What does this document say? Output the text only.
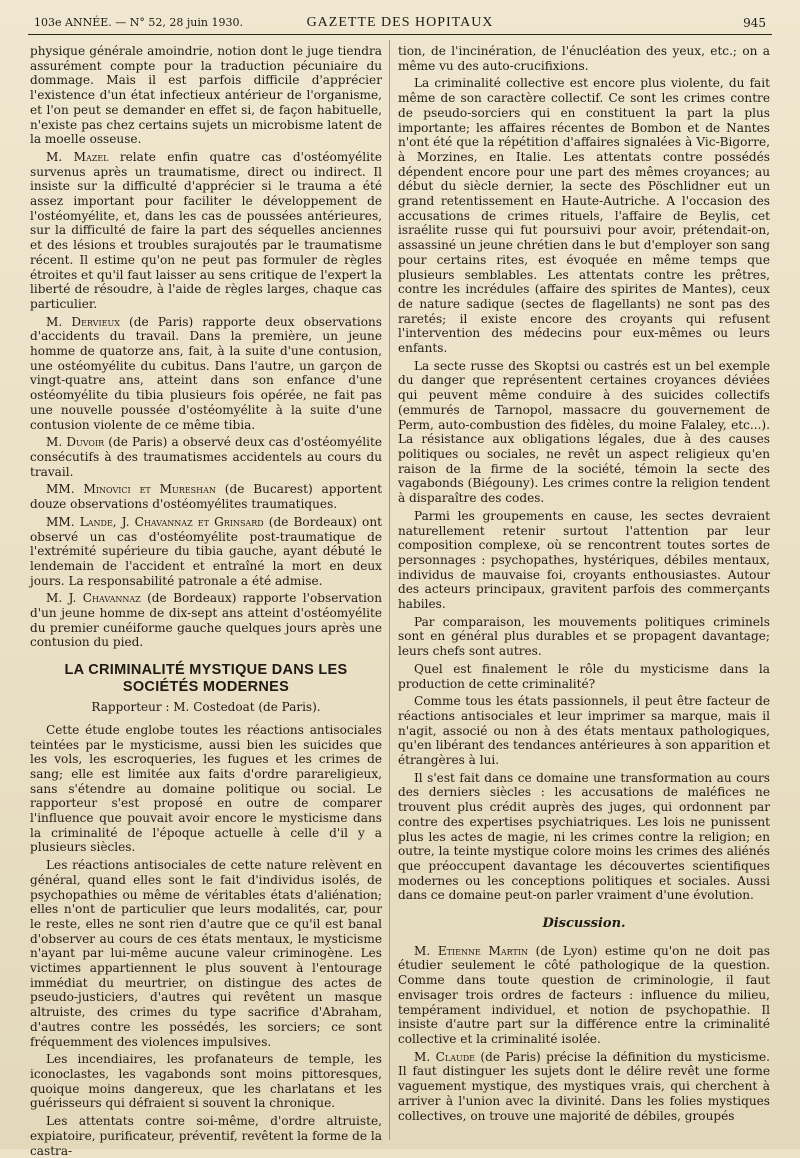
103e ANNÉE. — N° 52, 28 juin 1930.	GAZETTE DES HOPITAUX	945

physique générale amoindrie, notion dont le juge tiendra assurément compte pour la traduction pécuniaire du dommage. Mais il est parfois difficile d'apprécier l'existence d'un état infectieux antérieur de l'organisme, et l'on peut se demander en effet si, de façon habituelle, n'existe pas chez certains sujets un microbisme latent de la moelle osseuse.

M. Mazel relate enfin quatre cas d'ostéomyélite survenus après un traumatisme, direct ou indirect. Il insiste sur la difficulté d'apprécier si le trauma a été assez important pour faciliter le développement de l'ostéomyélite, et, dans les cas de poussées antérieures, sur la difficulté de faire la part des séquelles anciennes et des lésions et troubles surajoutés par le traumatisme récent. Il estime qu'on ne peut pas formuler de règles étroites et qu'il faut laisser au sens critique de l'expert la liberté de résoudre, à l'aide de règles larges, chaque cas particulier.

M. Dervieux (de Paris) rapporte deux observations d'accidents du travail. Dans la première, un jeune homme de quatorze ans, fait, à la suite d'une contusion, une ostéomyélite du cubitus. Dans l'autre, un garçon de vingt-quatre ans, atteint dans son enfance d'une ostéomyélite du tibia plusieurs fois opérée, ne fait pas une nouvelle poussée d'ostéomyélite à la suite d'une contusion violente de ce même tibia.

M. Duvoir (de Paris) a observé deux cas d'ostéomyélite consécutifs à des traumatismes accidentels au cours du travail.

MM. Minovici et Mureshan (de Bucarest) apportent douze observations d'ostéomyélites traumatiques.

MM. Lande, J. Chavannaz et Grinsard (de Bordeaux) ont observé un cas d'ostéomyélite post-traumatique de l'extrémité supérieure du tibia gauche, ayant débuté le lendemain de l'accident et entraîné la mort en deux jours. La responsabilité patronale a été admise.

M. J. Chavannaz (de Bordeaux) rapporte l'observation d'un jeune homme de dix-sept ans atteint d'ostéomyélite du premier cunéiforme gauche quelques jours après une contusion du pied.

LA CRIMINALITÉ MYSTIQUE DANS LES SOCIÉTÉS MODERNES
Rapporteur : M. Costedoat (de Paris).

Cette étude englobe toutes les réactions antisociales teintées par le mysticisme, aussi bien les suicides que les vols, les escroqueries, les fugues et les crimes de sang; elle est limitée aux faits d'ordre parareligieux, sans s'étendre au domaine politique ou social. Le rapporteur s'est proposé en outre de comparer l'influence que pouvait avoir encore le mysticisme dans la criminalité de l'époque actuelle à celle d'il y a plusieurs siècles.

Les réactions antisociales de cette nature relèvent en général, quand elles sont le fait d'individus isolés, de psychopathies ou même de véritables états d'aliénation; elles n'ont de particulier que leurs modalités, car, pour le reste, elles ne sont rien d'autre que ce qu'il est banal d'observer au cours de ces états mentaux, le mysticisme n'ayant par lui-même aucune valeur criminogène. Les victimes appartiennent le plus souvent à l'entourage immédiat du meurtrier, on distingue des actes de pseudo-justiciers, d'autres qui revêtent un masque altruiste, des crimes du type sacrifice d'Abraham, d'autres contre les possédés, les sorciers; ce sont fréquemment des violences impulsives.

Les incendiaires, les profanateurs de temple, les iconoclastes, les vagabonds sont moins pittoresques, quoique moins dangereux, que les charlatans et les guérisseurs qui défraient si souvent la chronique.

Les attentats contre soi-même, d'ordre altruiste, expiatoire, purificateur, préventif, revêtent la forme de la castra-

tion, de l'incinération, de l'énucléation des yeux, etc.; on a même vu des auto-crucifixions.

La criminalité collective est encore plus violente, du fait même de son caractère collectif. Ce sont les crimes contre de pseudo-sorciers qui en constituent la part la plus importante; les affaires récentes de Bombon et de Nantes n'ont été que la répétition d'affaires signalées à Vic-Bigorre, à Morzines, en Italie. Les attentats contre possédés dépendent encore pour une part des mêmes croyances; au début du siècle dernier, la secte des Pöschlidner eut un grand retentissement en Haute-Autriche. A l'occasion des accusations de crimes rituels, l'affaire de Beylis, cet israélite russe qui fut poursuivi pour avoir, prétendait-on, assassiné un jeune chrétien dans le but d'employer son sang pour certains rites, est évoquée en même temps que plusieurs semblables. Les attentats contre les prêtres, contre les incrédules (affaire des spirites de Mantes), ceux de nature sadique (sectes de flagellants) ne sont pas des raretés; il existe encore des croyants qui refusent l'intervention des médecins pour eux-mêmes ou leurs enfants.

La secte russe des Skoptsi ou castrés est un bel exemple du danger que représentent certaines croyances déviées qui peuvent même conduire à des suicides collectifs (emmurés de Tarnopol, massacre du gouvernement de Perm, auto-combustion des fidèles, du moine Falaley, etc...). La résistance aux obligations légales, due à des causes politiques ou sociales, ne revêt un aspect religieux qu'en raison de la firme de la société, témoin la secte des vagabonds (Biégouny). Les crimes contre la religion tendent à disparaître des codes.

Parmi les groupements en cause, les sectes devraient naturellement retenir surtout l'attention par leur composition complexe, où se rencontrent toutes sortes de personnages : psychopathes, hystériques, débiles mentaux, individus de mauvaise foi, croyants enthousiastes. Autour des acteurs principaux, gravitent parfois des commerçants habiles.

Par comparaison, les mouvements politiques criminels sont en général plus durables et se propagent davantage; leurs chefs sont autres.

Quel est finalement le rôle du mysticisme dans la production de cette criminalité?

Comme tous les états passionnels, il peut être facteur de réactions antisociales et leur imprimer sa marque, mais il n'agit, associé ou non à des états mentaux pathologiques, qu'en libérant des tendances antérieures à son apparition et étrangères à lui.

Il s'est fait dans ce domaine une transformation au cours des derniers siècles : les accusations de maléfices ne trouvent plus crédit auprès des juges, qui ordonnent par contre des expertises psychiatriques. Les lois ne punissent plus les actes de magie, ni les crimes contre la religion; en outre, la teinte mystique colore moins les crimes des aliénés que préoccupent davantage les découvertes scientifiques modernes ou les conceptions politiques et sociales. Aussi dans ce domaine peut-on parler vraiment d'une évolution.

Discussion.

M. Etienne Martin (de Lyon) estime qu'on ne doit pas étudier seulement le côté pathologique de la question. Comme dans toute question de criminologie, il faut envisager trois ordres de facteurs : influence du milieu, tempérament individuel, et notion de psychopathie. Il insiste d'autre part sur la différence entre la criminalité collective et la criminalité isolée.

M. Claude (de Paris) précise la définition du mysticisme. Il faut distinguer les sujets dont le délire revêt une forme vaguement mystique, des mystiques vrais, qui cherchent à arriver à l'union avec la divinité. Dans les folies mystiques collectives, on trouve une majorité de débiles, groupés
